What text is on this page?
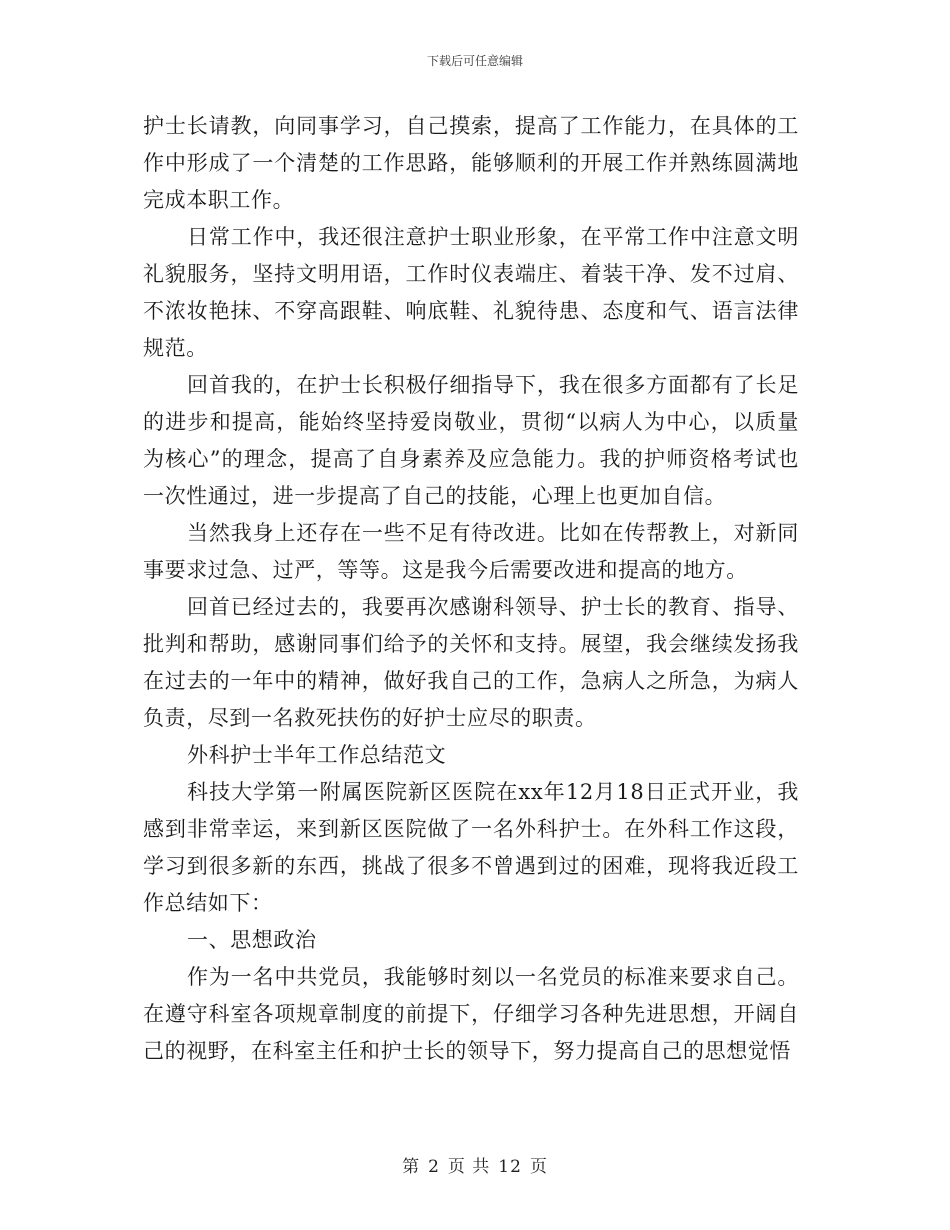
下载后可任意编辑

护士长请教，向同事学习，自己摸索，提高了工作能力，在具体的工作中形成了一个清楚的工作思路，能够顺利的开展工作并熟练圆满地完成本职工作。

日常工作中，我还很注意护士职业形象，在平常工作中注意文明礼貌服务，坚持文明用语，工作时仪表端庄、着装干净、发不过肩、不浓妆艳抹、不穿高跟鞋、响底鞋、礼貌待患、态度和气、语言法律规范。

回首我的，在护士长积极仔细指导下，我在很多方面都有了长足的进步和提高，能始终坚持爱岗敬业，贯彻“以病人为中心，以质量为核心”的理念，提高了自身素养及应急能力。我的护师资格考试也一次性通过，进一步提高了自己的技能，心理上也更加自信。

当然我身上还存在一些不足有待改进。比如在传帮教上，对新同事要求过急、过严，等等。这是我今后需要改进和提高的地方。

回首已经过去的，我要再次感谢科领导、护士长的教育、指导、批判和帮助，感谢同事们给予的关怀和支持。展望，我会继续发扬我在过去的一年中的精神，做好我自己的工作，急病人之所急，为病人负责，尽到一名救死扶伤的好护士应尽的职责。

外科护士半年工作总结范文

科技大学第一附属医院新区医院在xx年12月18日正式开业，我感到非常幸运，来到新区医院做了一名外科护士。在外科工作这段，学习到很多新的东西，挑战了很多不曾遇到过的困难，现将我近段工作总结如下：

一、思想政治

作为一名中共党员，我能够时刻以一名党员的标准来要求自己。在遵守科室各项规章制度的前提下，仔细学习各种先进思想，开阔自己的视野，在科室主任和护士长的领导下，努力提高自己的思想觉悟

第 2 页 共 12 页
